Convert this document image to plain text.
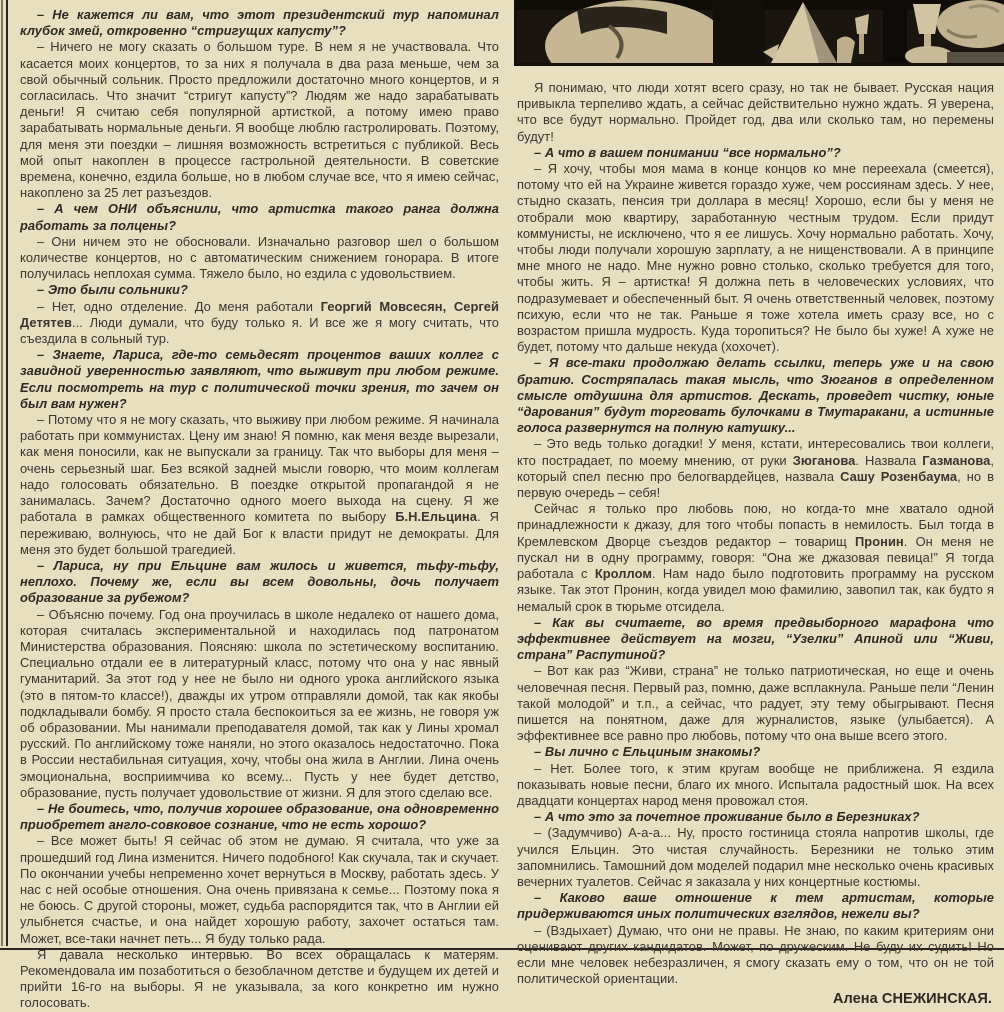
– Не кажется ли вам, что этот президентский тур напоминал клубок змей, откровенно “стригущих капусту”?

– Ничего не могу сказать о большом туре. В нем я не участвовала. Что касается моих концертов, то за них я получала в два раза меньше, чем за свой обычный сольник. Просто предложили достаточно много концертов, и я согласилась. Что значит “стригут капусту”? Людям же надо зарабатывать деньги! Я считаю себя популярной артисткой, а потому имею право зарабатывать нормальные деньги. Я вообще люблю гастролировать. Поэтому, для меня эти поездки – лишняя возможность встретиться с публикой. Весь мой опыт накоплен в процессе гастрольной деятельности. В советские времена, конечно, ездила больше, но в любом случае все, что я имею сейчас, накоплено за 25 лет разъездов.

– А чем ОНИ объяснили, что артистка такого ранга должна работать за полцены?

– Они ничем это не обосновали. Изначально разговор шел о большом количестве концертов, но с автоматическим снижением гонорара. В итоге получилась неплохая сумма. Тяжело было, но ездила с удовольствием.

– Это были сольники?

– Нет, одно отделение. До меня работали Георгий Мовсесян, Сергей Детятев... Люди думали, что буду только я. И все же я могу считать, что съездила в сольный тур.

– Знаете, Лариса, где-то семьдесят процентов ваших коллег с завидной уверенностью заявляют, что выживут при любом режиме. Если посмотреть на тур с политической точки зрения, то зачем он был вам нужен?

– Потому что я не могу сказать, что выживу при любом режиме. Я начинала работать при коммунистах. Цену им знаю! Я помню, как меня везде вырезали, как меня поносили, как не выпускали за границу. Так что выборы для меня – очень серьезный шаг. Без всякой задней мысли говорю, что моим коллегам надо голосовать обязательно. В поездке открытой пропагандой я не занималась. Зачем? Достаточно одного моего выхода на сцену. Я же работала в рамках общественного комитета по выбору Б.Н.Ельцина. Я переживаю, волнуюсь, что не дай Бог к власти придут не демократы. Для меня это будет большой трагедией.

– Лариса, ну при Ельцине вам жилось и живется, тьфу-тьфу, неплохо. Почему же, если вы всем довольны, дочь получает образование за рубежом?

– Объясню почему. Год она проучилась в школе недалеко от нашего дома, которая считалась экспериментальной и находилась под патронатом Министерства образования. Поясняю: школа по эстетическому воспитанию. Специально отдали ее в литературный класс, потому что она у нас явный гуманитарий. За этот год у нее не было ни одного урока английского языка (это в пятом-то классе!), дважды их утром отправляли домой, так как якобы подкладывали бомбу. Я просто стала беспокоиться за ее жизнь, не говоря уж об образовании. Мы нанимали преподавателя домой, так как у Лины хромал русский. По английскому тоже наняли, но этого оказалось недостаточно. Пока в России нестабильная ситуация, хочу, чтобы она жила в Англии. Лина очень эмоциональна, восприимчива ко всему... Пусть у нее будет детство, образование, пусть получает удовольствие от жизни. Я для этого сделаю все.

– Не боитесь, что, получив хорошее образование, она одновременно приобретет англо-совковое сознание, что не есть хорошо?

– Все может быть! Я сейчас об этом не думаю. Я считала, что уже за прошедший год Лина изменится. Ничего подобного! Как скучала, так и скучает. По окончании учебы непременно хочет вернуться в Москву, работать здесь. У нас с ней особые отношения. Она очень привязана к семье... Поэтому пока я не боюсь. С другой стороны, может, судьба распорядится так, что в Англии ей улыбнется счастье, и она найдет хорошую работу, захочет остаться там. Может, все-таки начнет петь... Я буду только рада.

Я давала несколько интервью. Во всех обращалась к матерям. Рекомендовала им позаботиться о безоблачном детстве и будущем их детей и прийти 16-го на выборы. Я не указывала, за кого конкретно им нужно голосовать.

Я понимаю, что люди хотят всего сразу, но так не бывает. Русская нация привыкла терпеливо ждать, а сейчас действительно нужно ждать. Я уверена, что все будут нормально. Пройдет год, два или сколько там, но перемены будут!

– А что в вашем понимании “все нормально”?

– Я хочу, чтобы моя мама в конце концов ко мне переехала (смеется), потому что ей на Украине живется гораздо хуже, чем россиянам здесь. У нее, стыдно сказать, пенсия три доллара в месяц! Хорошо, если бы у меня не отобрали мою квартиру, заработанную честным трудом. Если придут коммунисты, не исключено, что я ее лишусь. Хочу нормально работать. Хочу, чтобы люди получали хорошую зарплату, а не нищенствовали. А в принципе мне много не надо. Мне нужно ровно столько, сколько требуется для того, чтобы жить. Я – артистка! Я должна петь в человеческих условиях, что подразумевает и обеспеченный быт. Я очень ответственный человек, поэтому психую, если что не так. Раньше я тоже хотела иметь сразу все, но с возрастом пришла мудрость. Куда торопиться? Не было бы хуже! А хуже не будет, потому что дальше некуда (хохочет).

– Я все-таки продолжаю делать ссылки, теперь уже и на свою братию. Состряпалась такая мысль, что Зюганов в определенном смысле отдушина для артистов. Дескать, проведет чистку, юные “дарования” будут торговать булочками в Тмутаракани, а истинные голоса развернутся на полную катушку...

– Это ведь только догадки! У меня, кстати, интересовались твои коллеги, кто пострадает, по моему мнению, от руки Зюганова. Назвала Газманова, который спел песню про белогвардейцев, назвала Сашу Розенбаума, но в первую очередь – себя!

Сейчас я только про любовь пою, но когда-то мне хватало одной принадлежности к джазу, для того чтобы попасть в немилость. Был тогда в Кремлевском Дворце съездов редактор – товарищ Пронин. Он меня не пускал ни в одну программу, говоря: “Она же джазовая певица!” Я тогда работала с Кроллом. Нам надо было подготовить программу на русском языке. Так этот Пронин, когда увидел мою фамилию, завопил так, как будто я немалый срок в тюрьме отсидела.

– Как вы считаете, во время предвыборного марафона что эффективнее действует на мозги, “Узелки” Апиной или “Живи, страна” Распутиной?

– Вот как раз “Живи, страна” не только патриотическая, но еще и очень человечная песня. Первый раз, помню, даже всплакнула. Раньше пели “Ленин такой молодой” и т.п., а сейчас, что радует, эту тему обыгрывают. Песня пишется на понятном, даже для журналистов, языке (улыбается). А эффективнее все равно про любовь, потому что она выше всего этого.

– Вы лично с Ельциным знакомы?

– Нет. Более того, к этим кругам вообще не приближена. Я ездила показывать новые песни, благо их много. Испытала радостный шок. На всех двадцати концертах народ меня провожал стоя.

– А что это за почетное проживание было в Березниках?

– (Задумчиво) А-а-а... Ну, просто гостиница стояла напротив школы, где учился Ельцин. Это чистая случайность. Березники не только этим запомнились. Тамошний дом моделей подарил мне несколько очень красивых вечерних туалетов. Сейчас я заказала у них концертные костюмы.

– Каково ваше отношение к тем артистам, которые придерживаются иных политических взглядов, нежели вы?

– (Вздыхает) Думаю, что они не правы. Не знаю, по каким критериям они оценивают других кандидатов. Может, по дружеским. Не буду их судить! Но если мне человек небезразличен, я смогу сказать ему о том, что он не той политической ориентации.

Алена СНЕЖИНСКАЯ.
